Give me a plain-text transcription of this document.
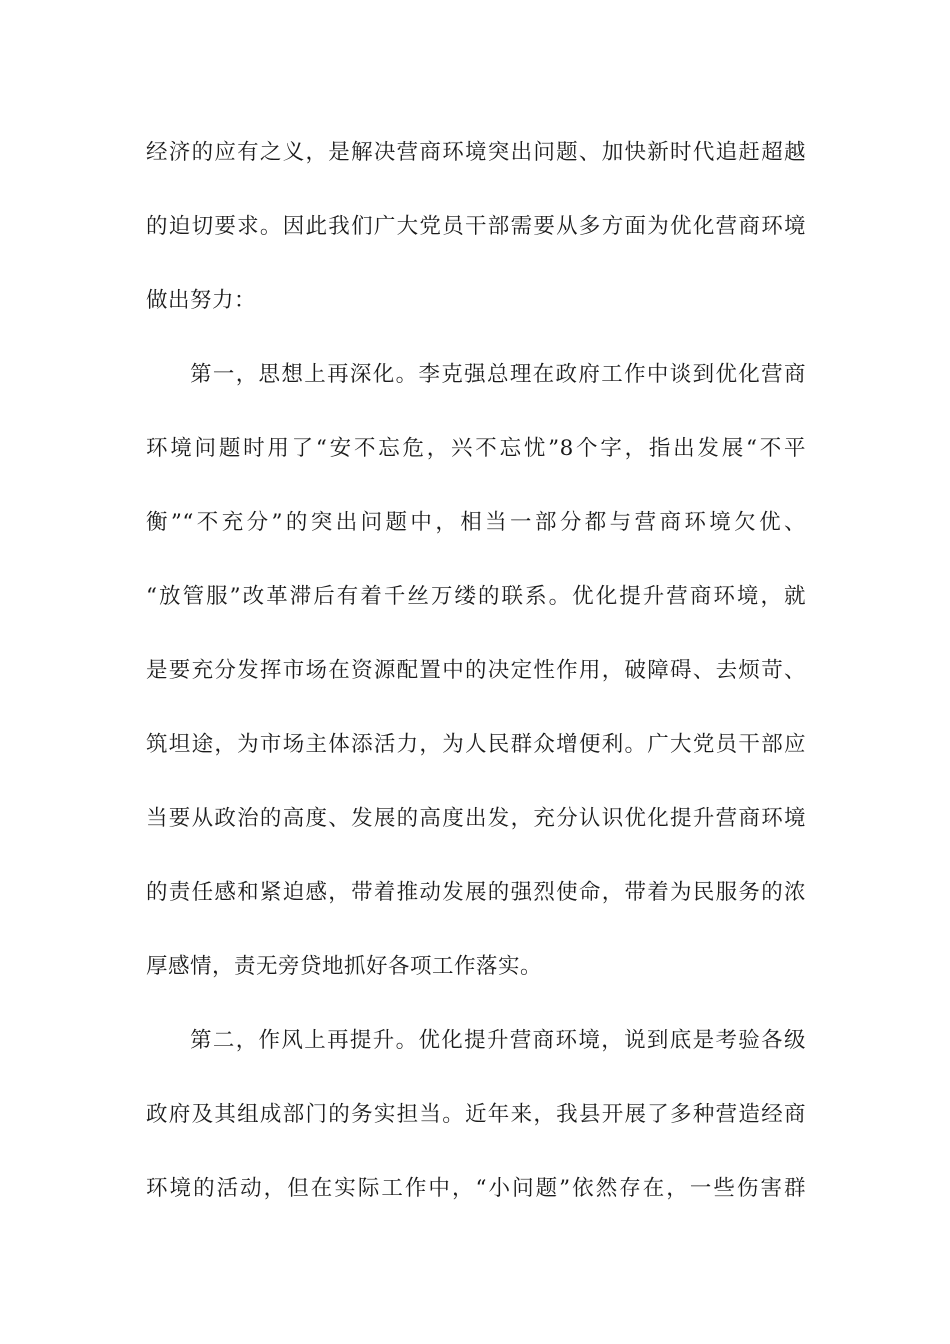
经济的应有之义，是解决营商环境突出问题、加快新时代追赶超越
的迫切要求。因此我们广大党员干部需要从多方面为优化营商环境
做出努力：
第一，思想上再深化。李克强总理在政府工作中谈到优化营商
环境问题时用了“安不忘危，兴不忘忧”8个字，指出发展“不平
衡”“不充分”的突出问题中，相当一部分都与营商环境欠优、
“放管服”改革滞后有着千丝万缕的联系。优化提升营商环境，就
是要充分发挥市场在资源配置中的决定性作用，破障碍、去烦苛、
筑坦途，为市场主体添活力，为人民群众增便利。广大党员干部应
当要从政治的高度、发展的高度出发，充分认识优化提升营商环境
的责任感和紧迫感，带着推动发展的强烈使命，带着为民服务的浓
厚感情，责无旁贷地抓好各项工作落实。
第二，作风上再提升。优化提升营商环境，说到底是考验各级
政府及其组成部门的务实担当。近年来，我县开展了多种营造经商
环境的活动，但在实际工作中，“小问题”依然存在，一些伤害群
